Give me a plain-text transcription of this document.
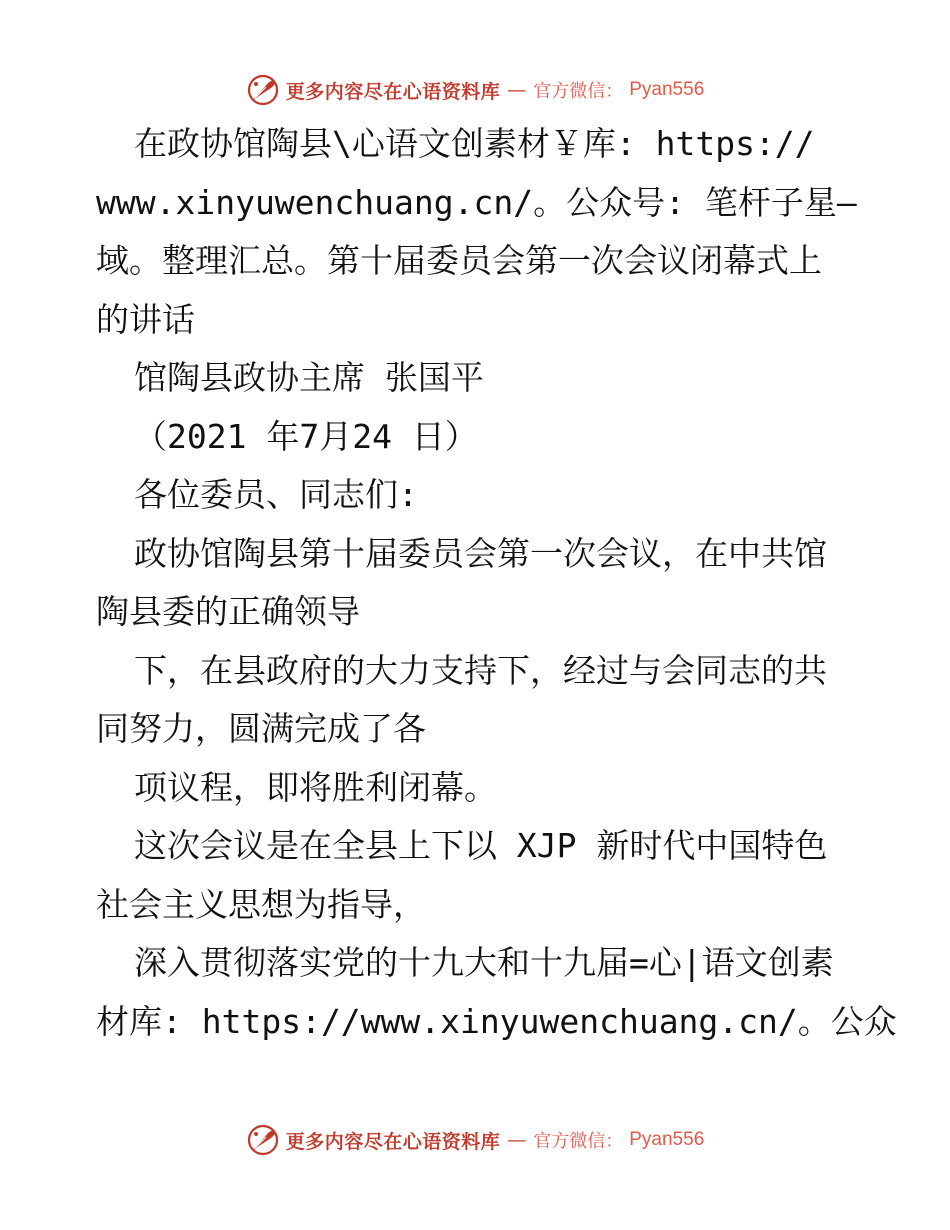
更多内容尽在心语资料库 — 官方微信： Pyan556
在政协馆陶县\心语文创素材￥库: https://
www.xinyuwenchuang.cn/。公众号: 笔杆子星—
域。整理汇总。第十届委员会第一次会议闭幕式上
的讲话
馆陶县政协主席 张国平
（2021 年7月24 日）
各位委员、同志们:
政协馆陶县第十届委员会第一次会议，在中共馆
陶县委的正确领导
下，在县政府的大力支持下，经过与会同志的共
同努力，圆满完成了各
项议程，即将胜利闭幕。
这次会议是在全县上下以 XJP 新时代中国特色
社会主义思想为指导，
深入贯彻落实党的十九大和十九届=心|语文创素
材库: https://www.xinyuwenchuang.cn/。公众
更多内容尽在心语资料库 — 官方微信： Pyan556
